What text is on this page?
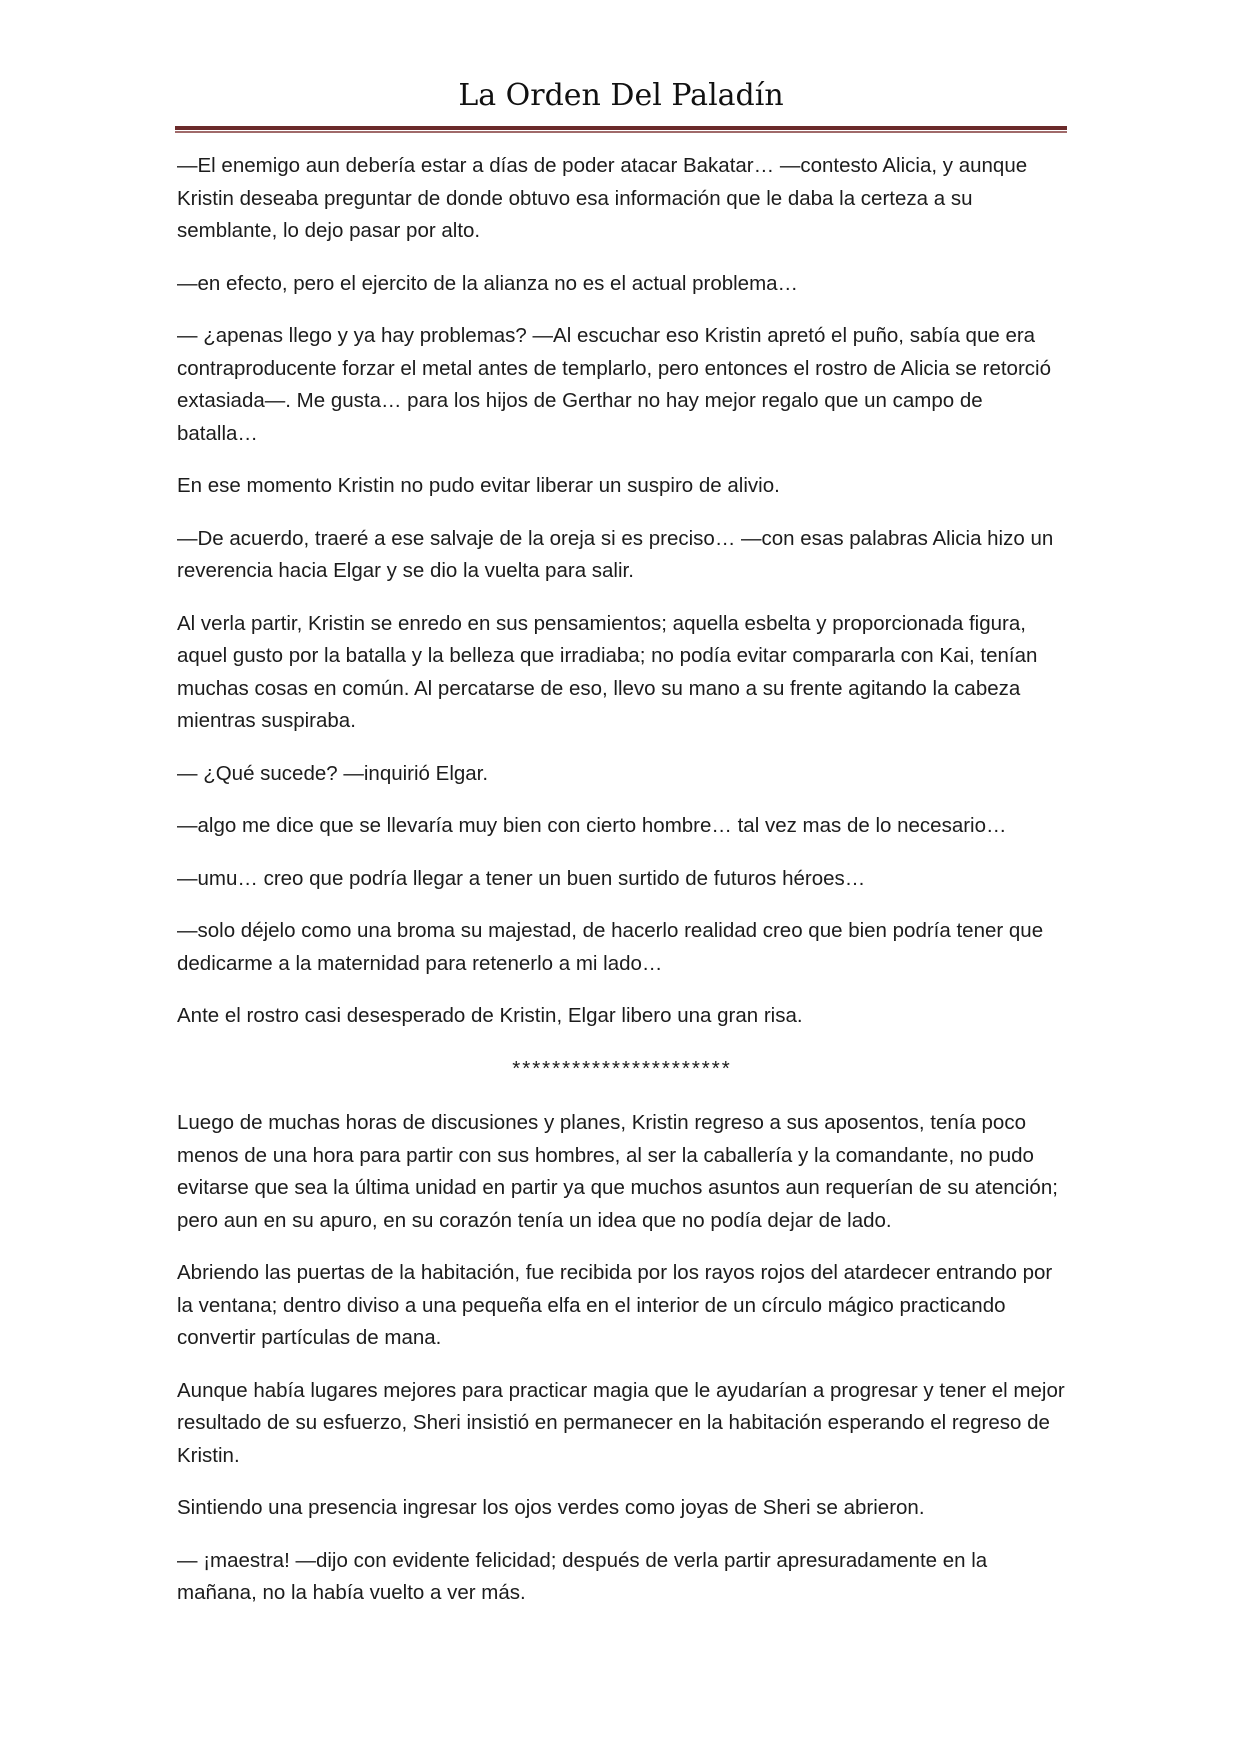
La Orden Del Paladín

—El enemigo aun debería estar a días de poder atacar Bakatar… —contesto Alicia, y aunque Kristin deseaba preguntar de donde obtuvo esa información que le daba la certeza a su semblante, lo dejo pasar por alto.

—en efecto, pero el ejercito de la alianza no es el actual problema…

— ¿apenas llego y ya hay problemas? —Al escuchar eso Kristin apretó el puño, sabía que era contraproducente forzar el metal antes de templarlo, pero entonces el rostro de Alicia se retorció extasiada—. Me gusta… para los hijos de Gerthar no hay mejor regalo que un campo de batalla…

En ese momento Kristin no pudo evitar liberar un suspiro de alivio.

—De acuerdo, traeré a ese salvaje de la oreja si es preciso… —con esas palabras Alicia hizo un reverencia hacia Elgar y se dio la vuelta para salir.

Al verla partir, Kristin se enredo en sus pensamientos; aquella esbelta y proporcionada figura, aquel gusto por la batalla y la belleza que irradiaba; no podía evitar compararla con Kai, tenían muchas cosas en común. Al percatarse de eso, llevo su mano a su frente agitando la cabeza mientras suspiraba.

— ¿Qué sucede? —inquirió Elgar.

—algo me dice que se llevaría muy bien con cierto hombre… tal vez mas de lo necesario…

—umu… creo que podría llegar a tener un buen surtido de futuros héroes…

—solo déjelo como una broma su majestad, de hacerlo realidad creo que bien podría tener que dedicarme a la maternidad para retenerlo a mi lado…

Ante el rostro casi desesperado de Kristin, Elgar libero una gran risa.

**********************

Luego de muchas horas de discusiones y planes, Kristin regreso a sus aposentos, tenía poco menos de una hora para partir con sus hombres, al ser la caballería y la comandante, no pudo evitarse que sea la última unidad en partir ya que muchos asuntos aun requerían de su atención; pero aun en su apuro, en su corazón tenía un idea que no podía dejar de lado.

Abriendo las puertas de la habitación, fue recibida por los rayos rojos del atardecer entrando por la ventana; dentro diviso a una pequeña elfa en el interior de un círculo mágico practicando convertir partículas de mana.

Aunque había lugares mejores para practicar magia que le ayudarían a progresar y tener el mejor resultado de su esfuerzo, Sheri insistió en permanecer en la habitación esperando el regreso de Kristin.

Sintiendo una presencia ingresar los ojos verdes como joyas de Sheri se abrieron.

— ¡maestra! —dijo con evidente felicidad; después de verla partir apresuradamente en la mañana, no la había vuelto a ver más.
